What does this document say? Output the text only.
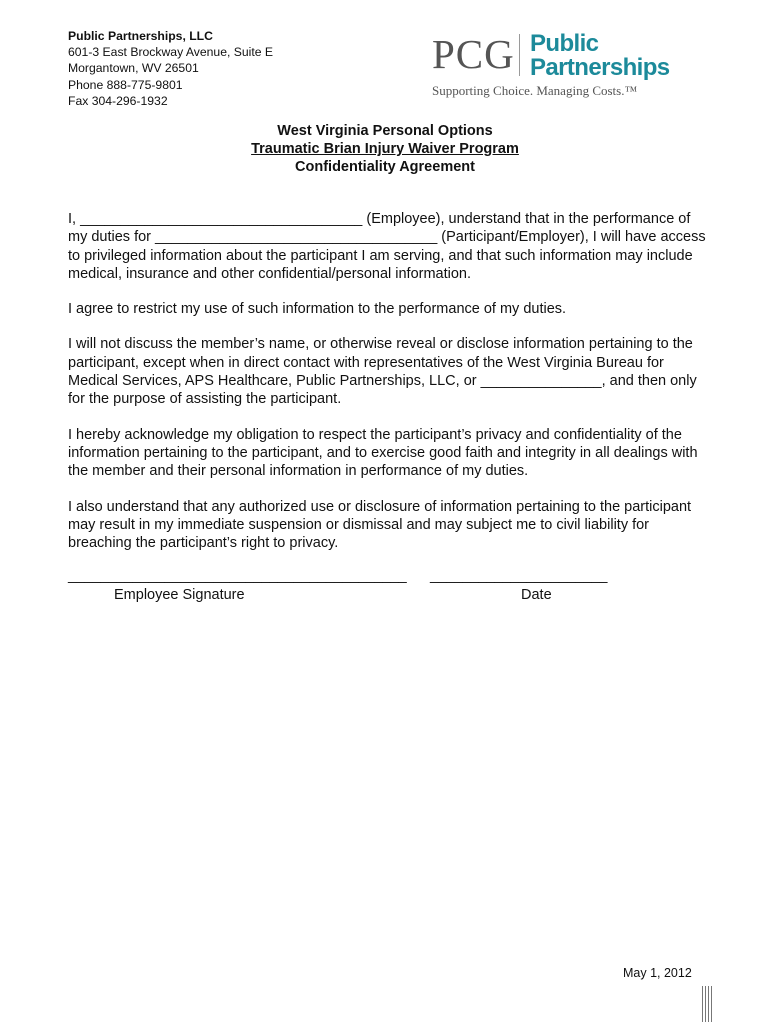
Public Partnerships, LLC
601-3 East Brockway Avenue, Suite E
Morgantown, WV 26501
Phone 888-775-9801
Fax 304-296-1932
PCG Public
Partnerships
Supporting Choice. Managing Costs.™
West Virginia Personal Options
Traumatic Brian Injury Waiver Program
Confidentiality Agreement

I, ___________________________________ (Employee), understand that in the performance of my duties for ___________________________________ (Participant/Employer), I will have access to privileged information about the participant I am serving, and that such information may include medical, insurance and other confidential/personal information.

I agree to restrict my use of such information to the performance of my duties.

I will not discuss the member’s name, or otherwise reveal or disclose information pertaining to the participant, except when in direct contact with representatives of the West Virginia Bureau for Medical Services, APS Healthcare, Public Partnerships, LLC, or _______________, and then only for the purpose of assisting the participant.

I hereby acknowledge my obligation to respect the participant’s privacy and confidentiality of the information pertaining to the participant, and to exercise good faith and integrity in all dealings with the member and their personal information in performance of my duties.

I also understand that any authorized use or disclosure of information pertaining to the participant may result in my immediate suspension or dismissal and may subject me to civil liability for breaching the participant’s right to privacy.

__________________________________________ ______________________
Employee Signature	Date
May 1, 2012
